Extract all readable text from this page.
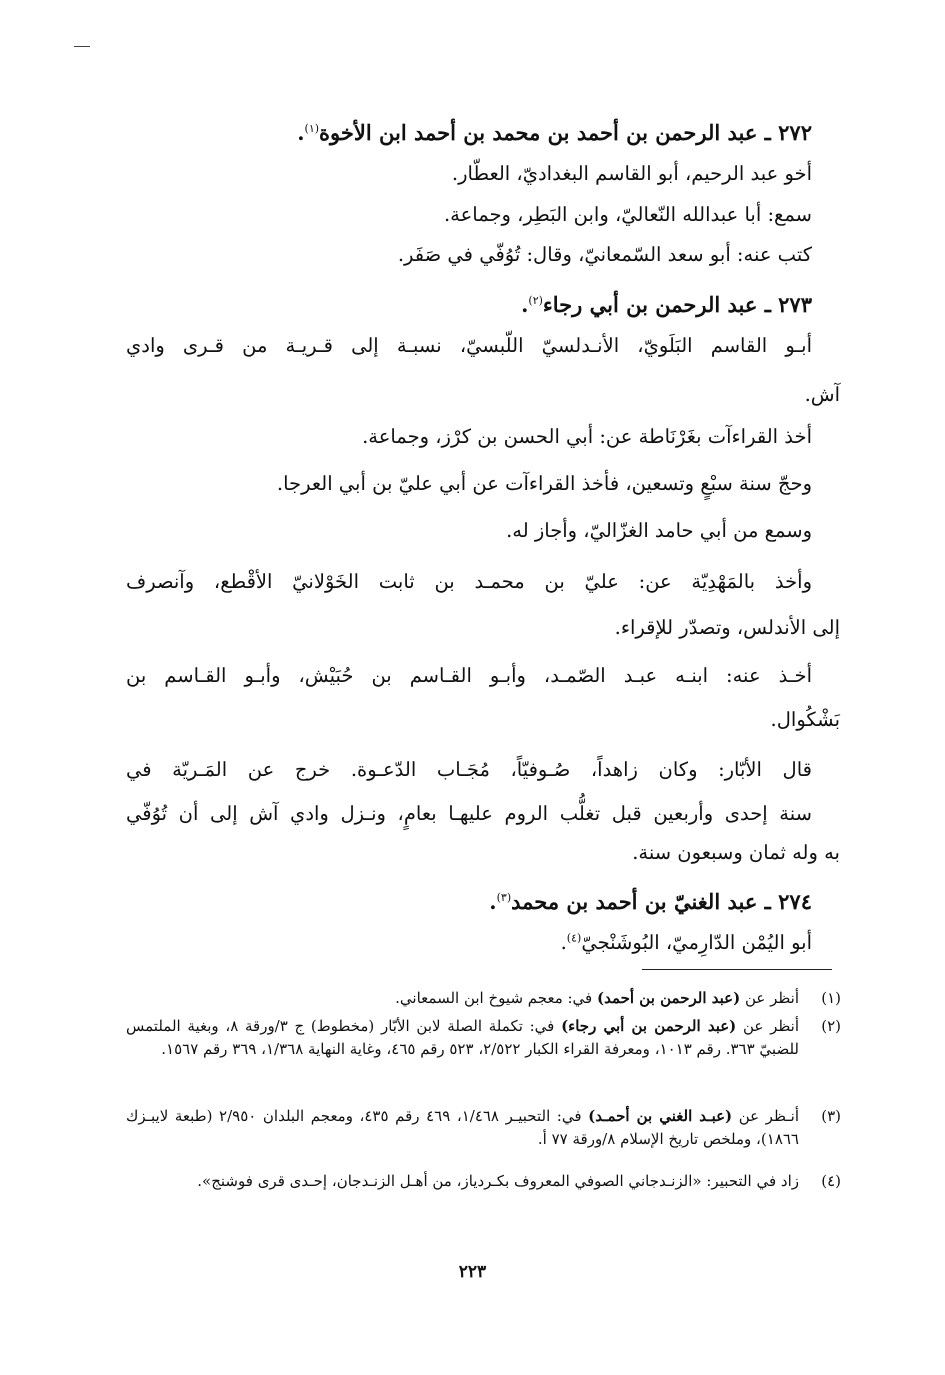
٢٧٢ ـ عبد الرحمن بن أحمد بن محمد بن أحمد ابن الأخوة$^{(١)}$.
أخو عبد الرحيم، أبو القاسم البغداديّ، العطّار.
سمع: أبا عبدالله النّعاليّ، وابن البَطِر، وجماعة.
كتب عنه: أبو سعد السّمعانيّ، وقال: تُوُفّي في صَفَر.
٢٧٣ ـ عبد الرحمن بن أبي رجاء$^{(٢)}$.
أبـو القاسم البَلَويّ، الأنـدلسيّ اللّبسيّ، نسبـة إلى قـريـة من قـرى وادي
آش.
أخذ القراءآت بغَرْنَاطة عن: أبي الحسن بن كرْز، وجماعة.
وحجّ سنة سبْعٍ وتسعين، فأخذ القراءآت عن أبي عليّ بن أبي العرجا.
وسمع من أبي حامد الغزّاليّ، وأجاز له.
وأخذ بالمَهْدِيّة عن: عليّ بن محمـد بن ثابت الخَوْلانيّ الأقْطع، وآنصرف
إلى الأندلس، وتصدّر للإقراء.
أخـذ عنه: ابنـه عبـد الصّمـد، وأبـو القـاسم بن حُبَيْش، وأبـو القـاسم بن
بَشْكُوال.
قال الأبّار: وكان زاهداً، صُـوفيّاً، مُجَـاب الدّعـوة. خرج عن المَـريّة في
سنة إحدى وأربعين قبل تغلُّب الروم عليهـا بعامٍ، ونـزل وادي آش إلى أن تُوُفّي
به وله ثمان وسبعون سنة.
٢٧٤ ـ عبد الغنيّ بن أحمد بن محمد$^{(٣)}$.
أبو اليُمْن الدّارِميّ، البُوشَنْجيّ$^{(٤)}$.
(١)
أنظر عن (عبد الرحمن بن أحمد) في: معجم شيوخ ابن السمعاني.
(٢)
أنظر عن (عبد الرحمن بن أبي رجاء) في: تكملة الصلة لابن الأبّار (مخطوط) ج ٣/ورقة ٨، وبغية الملتمس للضبيّ ٣٦٣. رقم ١٠١٣، ومعرفة القراء الكبار ٢/٥٢٢، ٥٢٣ رقم ٤٦٥، وغاية النهاية ١/٣٦٨، ٣٦٩ رقم ١٥٦٧.
(٣)
أنـظر عن (عبـد الغني بن أحمـد) في: التحبيـر ١/٤٦٨، ٤٦٩ رقم ٤٣٥، ومعجم البلدان ٢/٩٥٠ (طبعة لايبـزك ١٨٦٦)، وملخص تاريخ الإسلام ٨/ورقة ٧٧ أ.
(٤)
زاد في التحبير: «الزنـدجاني الصوفي المعروف بكـردياز، من أهـل الزنـدجان، إحـدى قرى فوشنج».
٢٢٣
